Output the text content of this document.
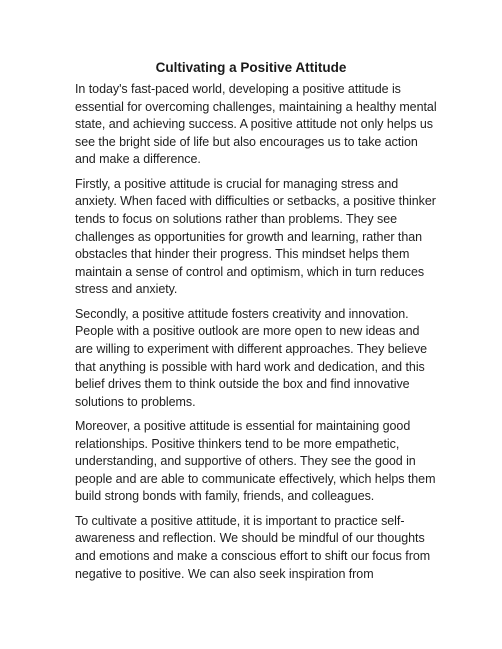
Cultivating a Positive Attitude

In today's fast-paced world, developing a positive attitude is essential for overcoming challenges, maintaining a healthy mental state, and achieving success. A positive attitude not only helps us see the bright side of life but also encourages us to take action and make a difference.

Firstly, a positive attitude is crucial for managing stress and anxiety. When faced with difficulties or setbacks, a positive thinker tends to focus on solutions rather than problems. They see challenges as opportunities for growth and learning, rather than obstacles that hinder their progress. This mindset helps them maintain a sense of control and optimism, which in turn reduces stress and anxiety.

Secondly, a positive attitude fosters creativity and innovation. People with a positive outlook are more open to new ideas and are willing to experiment with different approaches. They believe that anything is possible with hard work and dedication, and this belief drives them to think outside the box and find innovative solutions to problems.

Moreover, a positive attitude is essential for maintaining good relationships. Positive thinkers tend to be more empathetic, understanding, and supportive of others. They see the good in people and are able to communicate effectively, which helps them build strong bonds with family, friends, and colleagues.

To cultivate a positive attitude, it is important to practice self-awareness and reflection. We should be mindful of our thoughts and emotions and make a conscious effort to shift our focus from negative to positive. We can also seek inspiration from
